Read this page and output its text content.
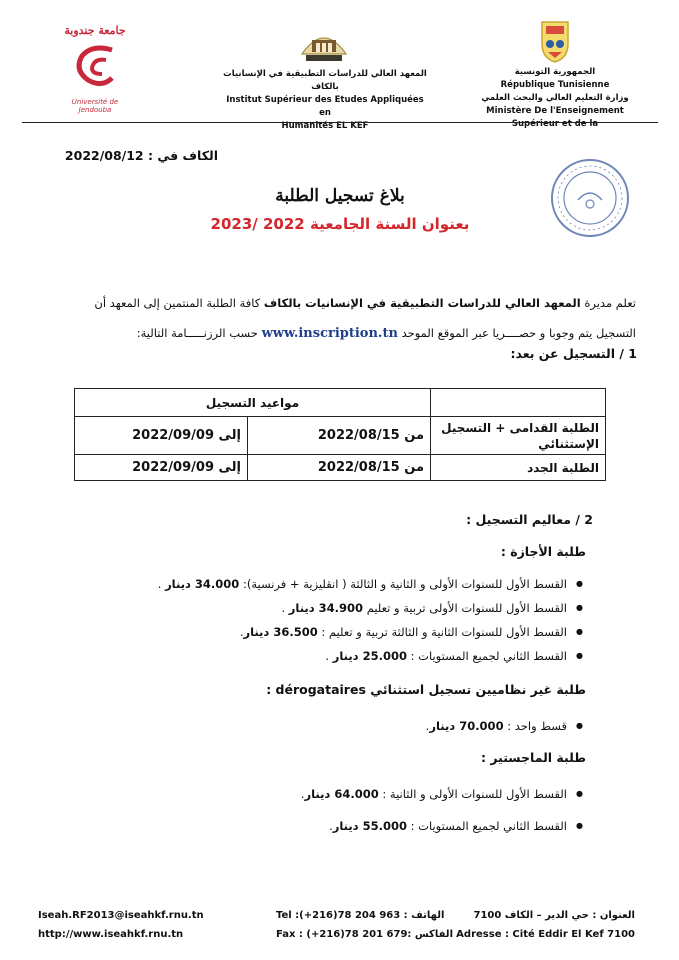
الجمهورية التونسية
République Tunisienne
وزارة التعليم العالي والبحث العلمي
Ministère De l'Enseignement Supérieur et de la
المعهد العالي للدراسات التطبيقية في الإنسانيات بالكاف
Institut Supérieur des Etudes Appliquées en
Humanités EL KEF
جامعة جندوبة
Université de Jendouba
الكاف في : 2022/08/12
بلاغ تسجيل الطلبة
بعنوان السنة الجامعية 2022 /2023
تعلم مديرة المعهد العالي للدراسات التطبيقية في الإنسانيات بالكاف كافة الطلبة المنتمين إلى المعهد أن
التسجيل يتم وجوبا و حصــــريا عبر الموقع الموحد www.inscription.tn حسب الرزنـــــامة التالية:
1 / التسجيل عن بعد:
	مواعيد التسجيل	
الطلبة القدامى + التسجيل الإستثنائي	من 2022/08/15	إلى 2022/09/09
الطلبة الجدد	من 2022/08/15	إلى 2022/09/09
2 / معاليم التسجيل :
طلبة الأجازة :
● القسط الأول للسنوات الأولى و الثانية و الثالثة ( انقليزية + فرنسية): 34.000 دينار .
● القسط الأول للسنوات الأولى تربية و تعليم 34.900 دينار .
● القسط الأول للسنوات الثانية و الثالثة تربية و تعليم : 36.500 دينار.
● القسط الثاني لجميع المستويات : 25.000 دينار .
طلبة غير نظاميين تسجيل استثنائي dérogataires :
● قسط واحد : 70.000 دينار.
طلبة الماجستير :
● القسط الأول للسنوات الأولى و الثانية : 64.000 دينار.
● القسط الثاني لجميع المستويات : 55.000 دينار.
Iseah.RF2013@iseahkf.rnu.tn
http://www.iseahkf.rnu.tn
Tel :(+216)78 204 963 : الهاتف
Fax : (+216)78 201 679: الفاكس
العنوان : حي الدير – الكاف 7100
Adresse : Cité Eddir El Kef 7100
